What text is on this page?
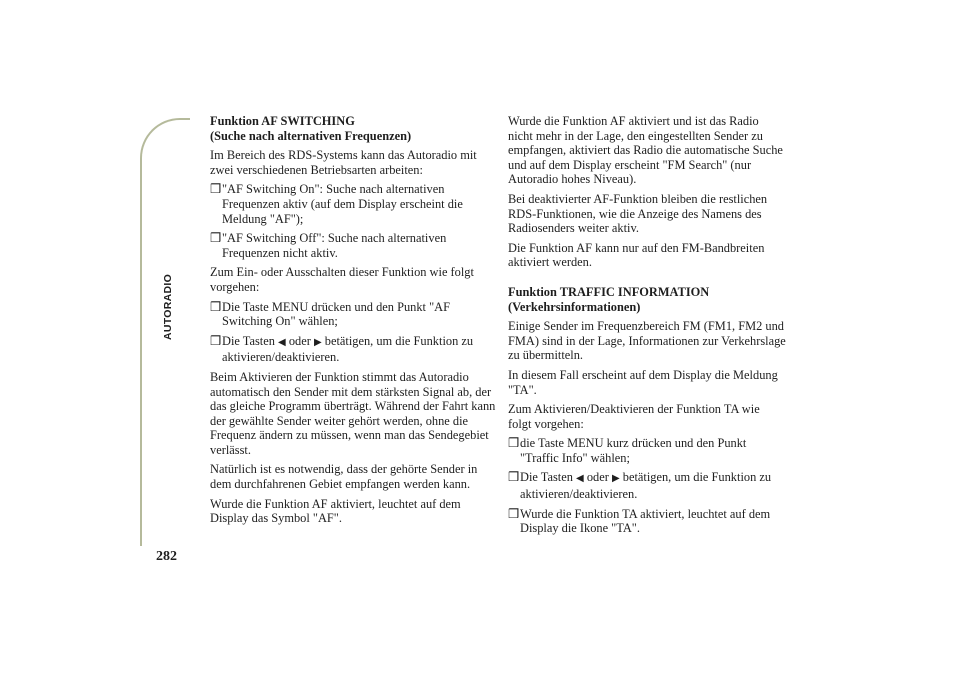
AUTORADIO
282
Funktion AF SWITCHING
(Suche nach alternativen Frequenzen)

Im Bereich des RDS-Systems kann das Autoradio mit zwei verschiedenen Betriebsarten arbeiten:

❒ "AF Switching On": Suche nach alternativen Frequenzen aktiv (auf dem Display erscheint die Meldung "AF");
❒ "AF Switching Off": Suche nach alternativen Frequenzen nicht aktiv.

Zum Ein- oder Ausschalten dieser Funktion wie folgt vorgehen:

❒ Die Taste MENU drücken und den Punkt "AF Switching On" wählen;
❒ Die Tasten ◀ oder ▶ betätigen, um die Funktion zu aktivieren/deaktivieren.

Beim Aktivieren der Funktion stimmt das Autoradio automatisch den Sender mit dem stärksten Signal ab, der das gleiche Programm überträgt. Während der Fahrt kann der gewählte Sender weiter gehört werden, ohne die Frequenz ändern zu müssen, wenn man das Sendegebiet verlässt.

Natürlich ist es notwendig, dass der gehörte Sender in dem durchfahrenen Gebiet empfangen werden kann.

Wurde die Funktion AF aktiviert, leuchtet auf dem Display das Symbol "AF".

Wurde die Funktion AF aktiviert und ist das Radio nicht mehr in der Lage, den eingestellten Sender zu empfangen, aktiviert das Radio die automatische Suche und auf dem Display erscheint "FM Search" (nur Autoradio hohes Niveau).

Bei deaktivierter AF-Funktion bleiben die restlichen RDS-Funktionen, wie die Anzeige des Namens des Radiosenders weiter aktiv.

Die Funktion AF kann nur auf den FM-Bandbreiten aktiviert werden.

Funktion TRAFFIC INFORMATION
(Verkehrsinformationen)

Einige Sender im Frequenzbereich FM (FM1, FM2 und FMA) sind in der Lage, Informationen zur Verkehrslage zu übermitteln.

In diesem Fall erscheint auf dem Display die Meldung "TA".

Zum Aktivieren/Deaktivieren der Funktion TA wie folgt vorgehen:

❒ die Taste MENU kurz drücken und den Punkt "Traffic Info" wählen;
❒ Die Tasten ◀ oder ▶ betätigen, um die Funktion zu aktivieren/deaktivieren.
❒ Wurde die Funktion TA aktiviert, leuchtet auf dem Display die Ikone "TA".
